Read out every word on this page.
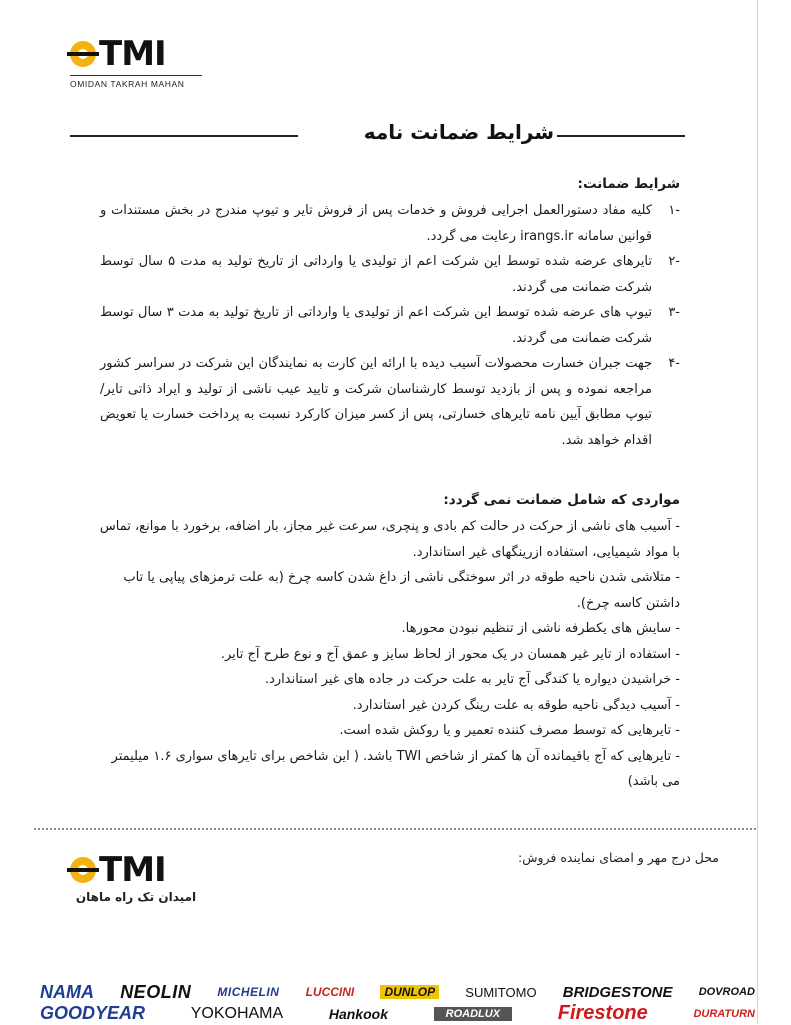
TMI
OMIDAN TAKRAH MAHAN
شرایط ضمانت نامه
شرایط ضمانت:
-۱
کلیه مفاد دستورالعمل اجرایی فروش و خدمات پس از فروش تایر و تیوپ مندرج در بخش مستندات و قوانین سامانه irangs.ir رعایت می گردد.
-۲
تایرهای عرضه شده توسط این شرکت اعم از تولیدی یا وارداتی از تاریخ تولید به مدت ۵ سال توسط شرکت ضمانت می گردند.
-۳
تیوپ های عرضه شده توسط این شرکت اعم از تولیدی یا وارداتی از تاریخ تولید به مدت ۳ سال توسط شرکت ضمانت می گردند.
-۴
جهت جبران خسارت محصولات آسیب دیده با ارائه این کارت به نمایندگان این شرکت در سراسر کشور مراجعه نموده و پس از بازدید توسط کارشناسان شرکت و تایید عیب ناشی از تولید و ایراد ذاتی تایر/تیوپ مطابق آیین نامه تایرهای خسارتی، پس از کسر میزان کارکرد نسبت به پرداخت خسارت یا تعویض اقدام خواهد شد.
مواردی که شامل ضمانت نمی گردد:
- آسیب های ناشی از حرکت در حالت کم بادی و پنچری، سرعت غیر مجاز، بار اضافه، برخورد با موانع، تماس با مواد شیمیایی، استفاده ازرینگهای غیر استاندارد.
- متلاشی شدن ناحیه طوقه در اثر سوختگی ناشی از داغ شدن کاسه چرخ (به علت ترمزهای پیاپی یا تاب داشتن کاسه چرخ).
- سایش های یکطرفه ناشی از تنظیم نبودن محورها.
- استفاده از تایر غیر همسان در یک محور از لحاظ سایز و عمق آج و نوع طرح آج تایر.
- خراشیدن دیواره یا کندگی آج تایر به علت حرکت در جاده های غیر استاندارد.
- آسیب دیدگی ناحیه طوقه به علت رینگ کردن غیر استاندارد.
- تایرهایی که توسط مصرف کننده تعمیر و یا روکش شده است.
- تایرهایی که آج باقیمانده آن ها کمتر از شاخص TWI باشد. ( این شاخص برای تایرهای سواری ۱.۶ میلیمتر می باشد)
محل درج مهر و امضای نماینده فروش:
TMI
امیدان تک راه ماهان
NAMA NEOLIN MICHELIN LUCCINI	DUNLOP	SUMITOMO BRIDGESTONE DOVROAD
GOODYEAR	YOKOHAMA	Hankook	ROADLUX	Firestone	DURATURN
